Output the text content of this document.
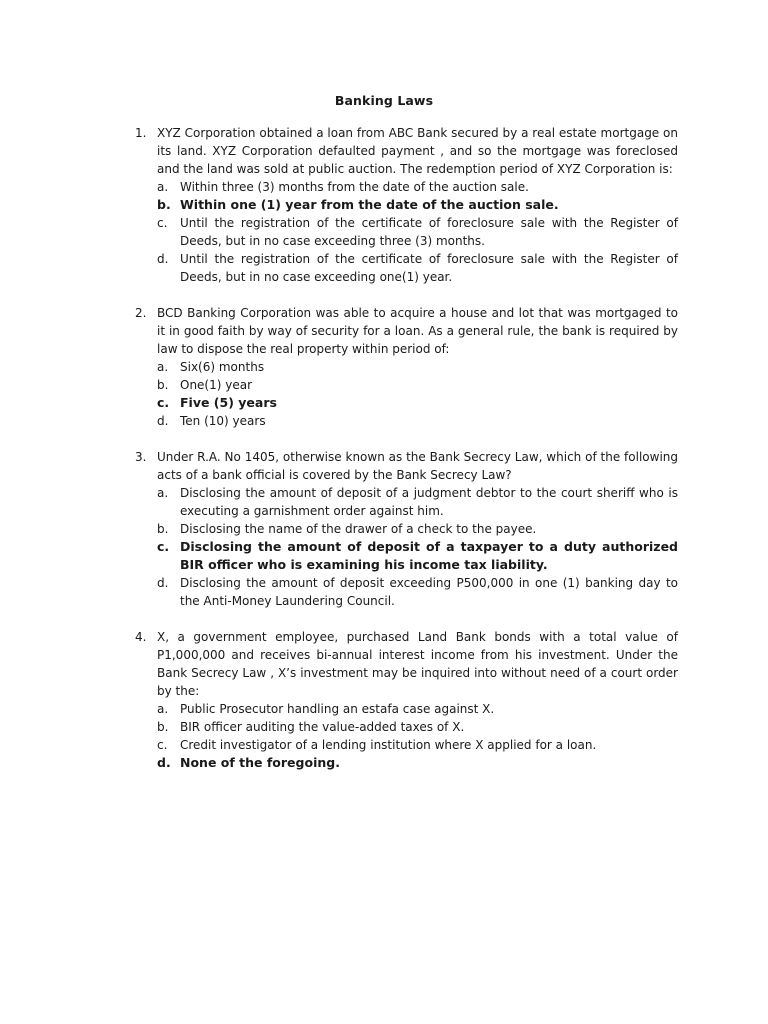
Banking Laws
1. XYZ Corporation obtained a loan from ABC Bank secured by a real estate mortgage on its land. XYZ Corporation defaulted payment , and so the mortgage was foreclosed and the land was sold at public auction. The redemption period of XYZ Corporation is:

a. Within three (3) months from the date of the auction sale.
b. Within one (1) year from the date of the auction sale.
c. Until the registration of the certificate of foreclosure sale with the Register of Deeds, but in no case exceeding three (3) months.
d. Until the registration of the certificate of foreclosure sale with the Register of Deeds, but in no case exceeding one(1) year.
2. BCD Banking Corporation was able to acquire a house and lot that was mortgaged to it in good faith by way of security for a loan. As a general rule, the bank is required by law to dispose the real property within period of:

a. Six(6) months
b. One(1) year
c. Five (5) years
d. Ten (10) years
3. Under R.A. No 1405, otherwise known as the Bank Secrecy Law, which of the following acts of a bank official is covered by the Bank Secrecy Law?

a. Disclosing the amount of deposit of a judgment debtor to the court sheriff who is executing a garnishment order against him.
b. Disclosing the name of the drawer of a check to the payee.
c. Disclosing the amount of deposit of a taxpayer to a duty authorized BIR officer who is examining his income tax liability.
d. Disclosing the amount of deposit exceeding P500,000 in one (1) banking day to the Anti-Money Laundering Council.
4. X, a government employee, purchased Land Bank bonds with a total value of P1,000,000 and receives bi-annual interest income from his investment. Under the Bank Secrecy Law , X’s investment may be inquired into without need of a court order by the:

a. Public Prosecutor handling an estafa case against X.
b. BIR officer auditing the value-added taxes of X.
c. Credit investigator of a lending institution where X applied for a loan.
d. None of the foregoing.
